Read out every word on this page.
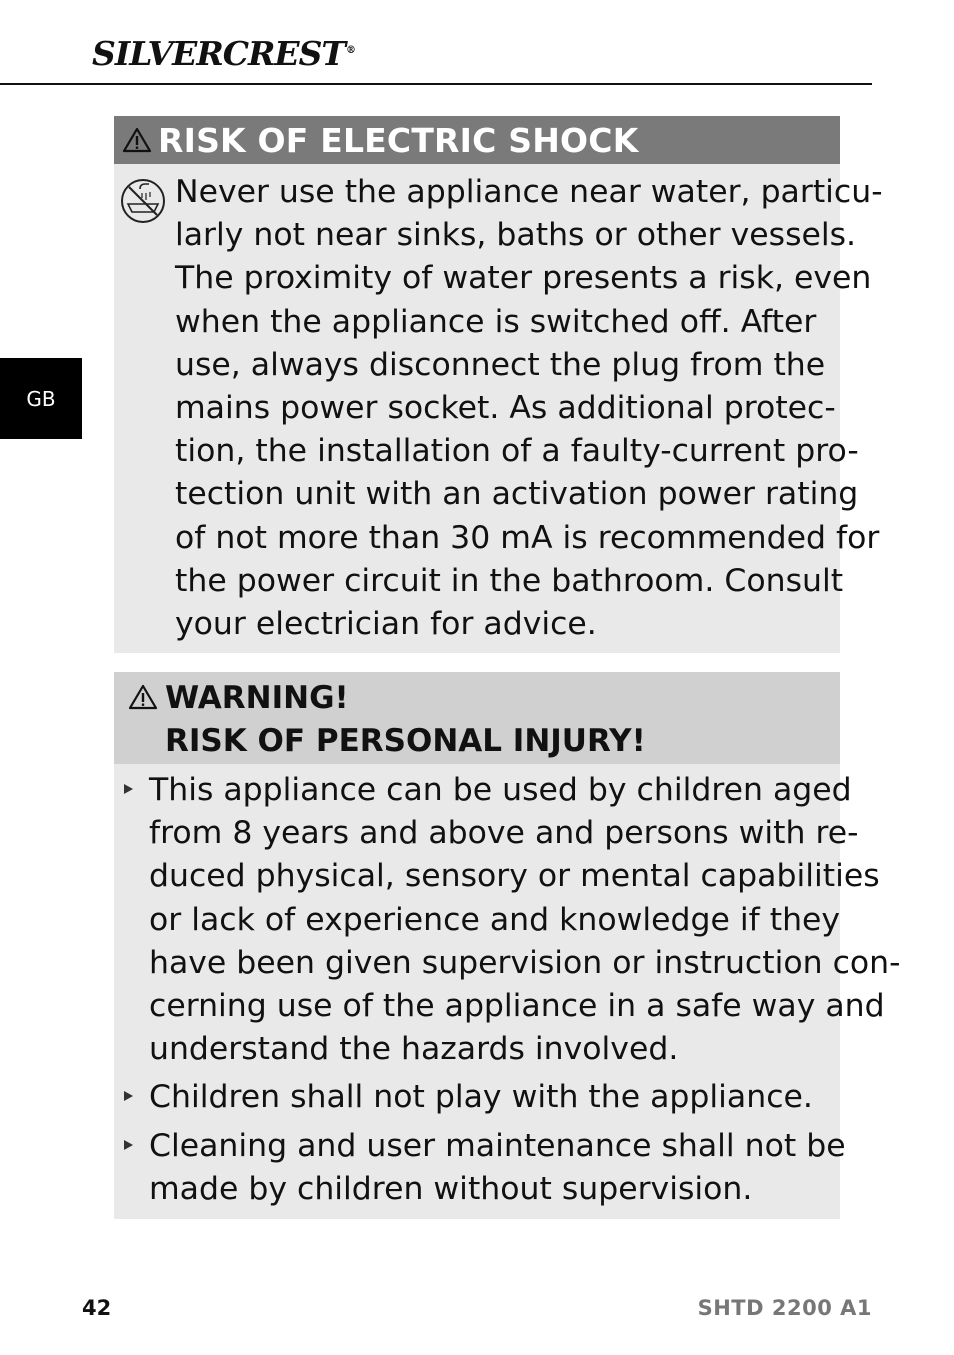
SILVERCREST®
GB
RISK OF ELECTRIC SHOCK

Never use the appliance near water, particu-
larly not near sinks, baths or other vessels.
The proximity of water presents a risk, even
when the appliance is switched off. After
use, always disconnect the plug from the
mains power socket. As additional protec-
tion, the installation of a faulty-current pro-
tection unit with an activation power rating
of not more than 30 mA is recommended for
the power circuit in the bathroom. Consult
your electrician for advice.

WARNING!
RISK OF PERSONAL INJURY!
This appliance can be used by children aged
from 8 years and above and persons with re-
duced physical, sensory or mental capabilities
or lack of experience and knowledge if they
have been given supervision or instruction con-
cerning use of the appliance in a safe way and
understand the hazards involved.
Children shall not play with the appliance.
Cleaning and user maintenance shall not be
made by children without supervision.
42	SHTD 2200 A1
